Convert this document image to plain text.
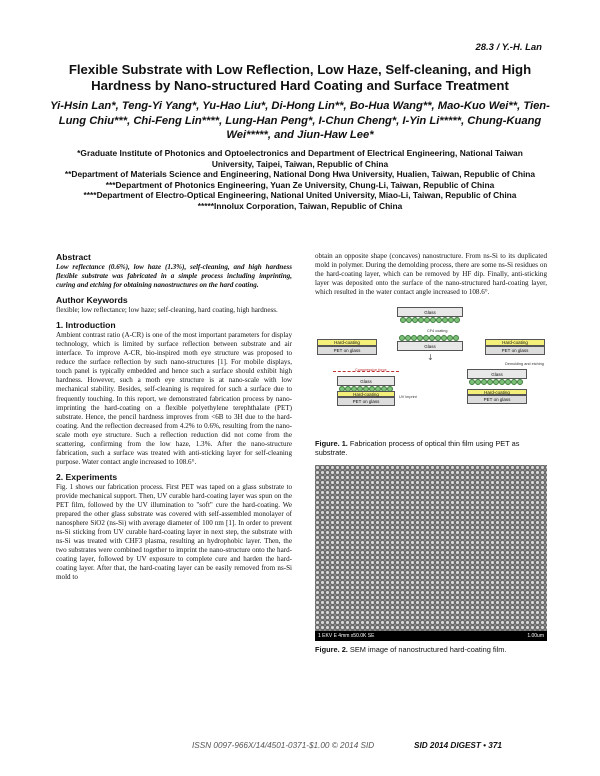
28.3 / Y.-H. Lan
Flexible Substrate with Low Reflection, Low Haze, Self-cleaning, and High Hardness by Nano-structured Hard Coating and Surface Treatment
Yi-Hsin Lan*, Teng-Yi Yang*, Yu-Hao Liu*, Di-Hong Lin**, Bo-Hua Wang**, Mao-Kuo Wei**, Tien-Lung Chiu***, Chi-Feng Lin****, Lung-Han Peng*, I-Chun Cheng*, I-Yin Li*****, Chung-Kuang Wei*****, and Jiun-Haw Lee*

*Graduate Institute of Photonics and Optoelectronics and Department of Electrical Engineering, National Taiwan University, Taipei, Taiwan, Republic of China

**Department of Materials Science and Engineering, National Dong Hwa University, Hualien, Taiwan, Republic of China

***Department of Photonics Engineering, Yuan Ze University, Chung-Li, Taiwan, Republic of China

****Department of Electro-Optical Engineering, National United University, Miao-Li, Taiwan, Republic of China

*****Innolux Corporation, Taiwan, Republic of China

Abstract

Low reflectance (0.6%), low haze (1.3%), self-cleaning, and high hardness flexible substrate was fabricated in a simple process including imprinting, curing and etching for obtaining nanostructures on the hard coating.

Author Keywords

flexible; low reflectance; low haze; self-cleaning, hard coating, high hardness.

1. Introduction

Ambient contrast ratio (A-CR) is one of the most important parameters for display technology, which is limited by surface reflection between substrate and air interface. To improve A-CR, bio-inspired moth eye structure was proposed to reduce the surface reflection by such nano-structures [1]. For mobile displays, touch panel is typically embedded and hence such a surface should exhibit high hardness. However, such a moth eye structure is at nano-scale with low mechanical stability. Besides, self-cleaning is required for such a surface due to frequently touching. In this report, we demonstrated fabrication process by nano-imprinting the hard-coating on a flexible polyethylene terephthalate (PET) substrate. Hence, the pencil hardness improves from <6B to 3H due to the hard-coating. And the reflection decreased from 4.2% to 0.6%, resulting from the nano-scale moth eye structure. Such a reflection reduction did not come from the scattering, confirming from the low haze, 1.3%. After the nano-structure fabrication, such a surface was treated with anti-sticking layer for self-cleaning purpose. Water contact angle increased to 108.6°.

2. Experiments

Fig. 1 shows our fabrication process. First PET was taped on a glass substrate to provide mechanical support. Then, UV curable hard-coating layer was spun on the PET film, followed by the UV illumination to "soft" cure the hard-coating. We prepared the other glass substrate was covered with self-assembled monolayer of nanosphere SiO2 (ns-Si) with average diameter of 100 nm [1]. In order to prevent ns-Si sticking from UV curable hard-coating layer in next step, the substrate with ns-Si was treated with CHF3 plasma, resulting an hydrophobic layer. Then, the two substrates were combined together to imprint the nano-structure onto the hard-coating layer, followed by UV exposure to complete cure and harden the hard-coating layer. After that, the hard-coating layer can be easily removed from ns-Si mold to

obtain an opposite shape (concaves) nanostructure. From ns-Si to its duplicated mold in polymer. During the demolding process, there are some ns-Si residues on the hard-coating layer, which can be removed by HF dip. Finally, anti-sticking layer was deposited onto the surface of the nano-structured hard-coating layer, which resulted in the water contact angle increased to 108.6°.

Glass
CF4 coating
Hard-coating
PET on glass
Glass
Hard-coating
PET on glass
↓
Demolding and etching
Compressive force
Glass
Hard-coating
PET on glass
UV imprint
Glass
Hard-coating
PET on glass

Figure. 1. Fabrication process of optical thin film using PET as substrate.

1 EKV E 4mm x50.0K SE	1.00um

Figure. 2. SEM image of nanostructured hard-coating film.

ISSN 0097-966X/14/4501-0371-$1.00 © 2014 SID	SID 2014 DIGEST • 371
